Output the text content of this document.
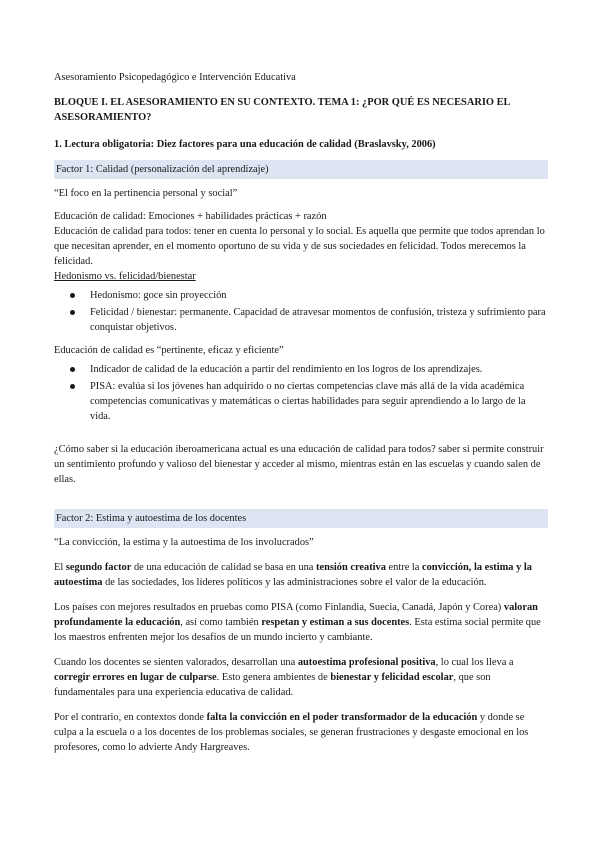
Asesoramiento Psicopedagógico e Intervención Educativa

BLOQUE I. EL ASESORAMIENTO EN SU CONTEXTO. TEMA 1: ¿POR QUÉ ES NECESARIO EL ASESORAMIENTO?

1. Lectura obligatoria: Diez factores para una educación de calidad (Braslavsky, 2006)

Factor 1: Calidad (personalización del aprendizaje)

“El foco en la pertinencia personal y social”

Educación de calidad: Emociones + habilidades prácticas + razón

Educación de calidad para todos: tener en cuenta lo personal y lo social. Es aquella que permite que todos aprendan lo que necesitan aprender, en el momento oportuno de su vida y de sus sociedades en felicidad. Todos merecemos la felicidad.

Hedonismo vs. felicidad/bienestar

Hedonismo: goce sin proyección
Felicidad / bienestar: permanente. Capacidad de atravesar momentos de confusión, tristeza y sufrimiento para conquistar objetivos.

Educación de calidad es “pertinente, eficaz y eficiente”

Indicador de calidad de la educación a partir del rendimiento en los logros de los aprendizajes.
PISA: evalúa si los jóvenes han adquirido o no ciertas competencias clave más allá de la vida académica competencias comunicativas y matemáticas o ciertas habilidades para seguir aprendiendo a lo largo de la vida.

¿Cómo saber si la educación iberoamericana actual es una educación de calidad para todos? saber si permite construir un sentimiento profundo y valioso del bienestar y acceder al mismo, mientras están en las escuelas y cuando salen de ellas.

Factor 2: Estima y autoestima de los docentes

“La convicción, la estima y la autoestima de los involucrados”

El segundo factor de una educación de calidad se basa en una tensión creativa entre la convicción, la estima y la autoestima de las sociedades, los líderes políticos y las administraciones sobre el valor de la educación.

Los países con mejores resultados en pruebas como PISA (como Finlandia, Suecia, Canadá, Japón y Corea) valoran profundamente la educación, así como también respetan y estiman a sus docentes. Esta estima social permite que los maestros enfrenten mejor los desafíos de un mundo incierto y cambiante.

Cuando los docentes se sienten valorados, desarrollan una autoestima profesional positiva, lo cual los lleva a corregir errores en lugar de culparse. Esto genera ambientes de bienestar y felicidad escolar, que son fundamentales para una experiencia educativa de calidad.

Por el contrario, en contextos donde falta la convicción en el poder transformador de la educación y donde se culpa a la escuela o a los docentes de los problemas sociales, se generan frustraciones y desgaste emocional en los profesores, como lo advierte Andy Hargreaves.
